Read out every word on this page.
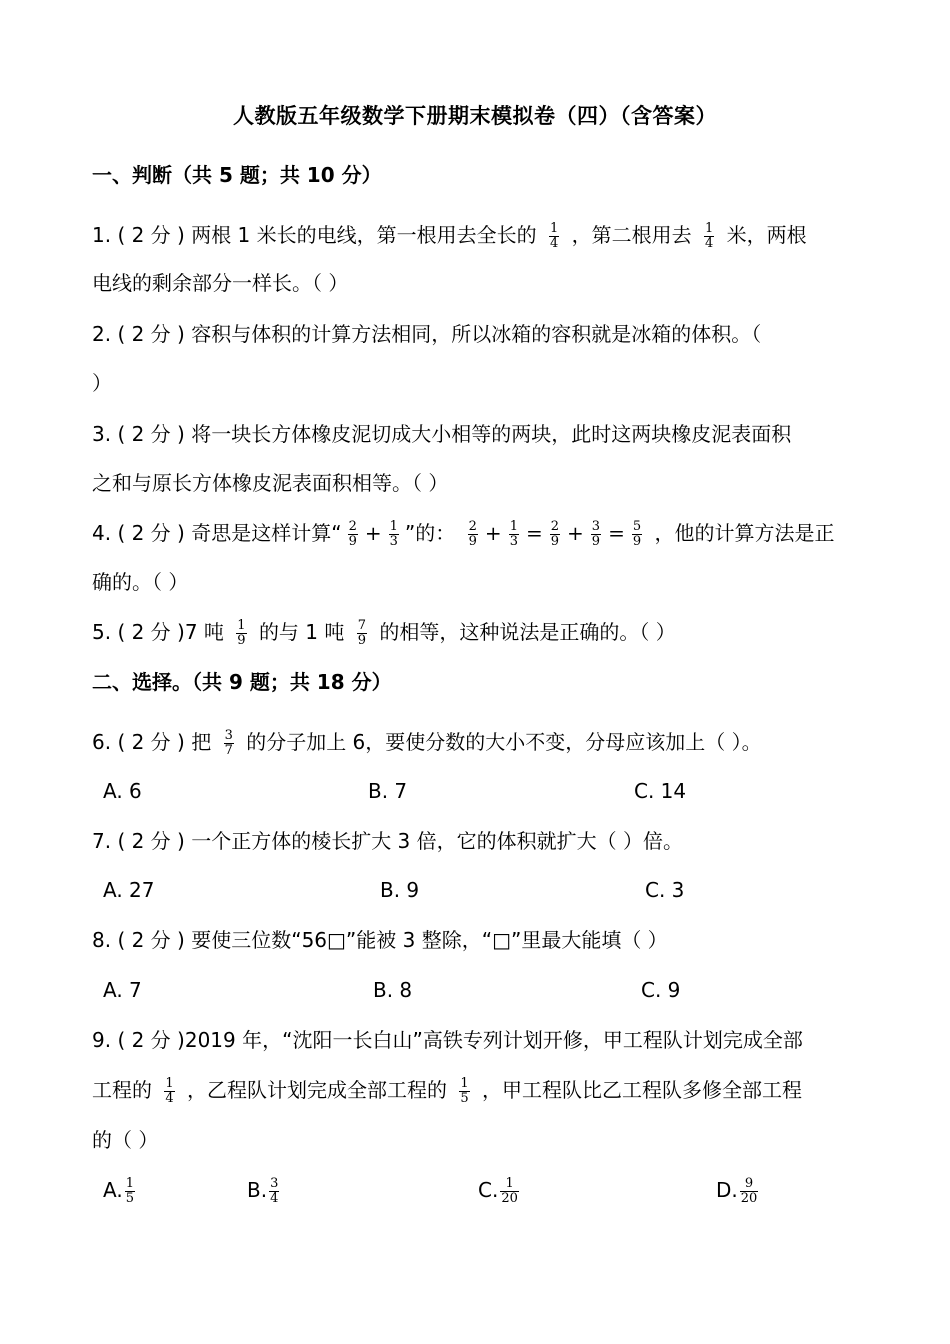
人教版五年级数学下册期末模拟卷（四）（含答案）
一、判断（共 5 题；共 10 分）
1. ( 2 分 ) 两根 1 米长的电线，第一根用去全长的 $\frac{1}{4}$ ，第二根用去 $\frac{1}{4}$ 米，两根
电线的剩余部分一样长。（ ）
2. ( 2 分 ) 容积与体积的计算方法相同，所以冰箱的容积就是冰箱的体积。（
）
3. ( 2 分 ) 将一块长方体橡皮泥切成大小相等的两块，此时这两块橡皮泥表面积
之和与原长方体橡皮泥表面积相等。（ ）
4. ( 2 分 ) 奇思是这样计算“ $\frac{2}{9} + \frac{1}{3}$ ”的： $\frac{2}{9} + \frac{1}{3} = \frac{2}{9} + \frac{3}{9} = \frac{5}{9}$ ，他的计算方法是正
确的。（ ）
5. ( 2 分 )7 吨 $\frac{1}{9}$ 的与 1 吨 $\frac{7}{9}$ 的相等，这种说法是正确的。（ ）
二、选择。（共 9 题；共 18 分）
6. ( 2 分 ) 把 $\frac{3}{7}$ 的分子加上 6，要使分数的大小不变，分母应该加上（ ）。
A. 6	B. 7	C. 14
7. ( 2 分 ) 一个正方体的棱长扩大 3 倍，它的体积就扩大（ ）倍。
A. 27	B. 9	C. 3
8. ( 2 分 ) 要使三位数“56□”能被 3 整除，“□”里最大能填（ ）
A. 7	B. 8	C. 9
9. ( 2 分 )2019 年，“沈阳一长白山”高铁专列计划开修，甲工程队计划完成全部
工程的 $\frac{1}{4}$ ，乙程队计划完成全部工程的 $\frac{1}{5}$ ，甲工程队比乙工程队多修全部工程
的（ ）
A. $\frac{1}{5}$	B. $\frac{3}{4}$	C. $\frac{1}{20}$	D. $\frac{9}{20}$
